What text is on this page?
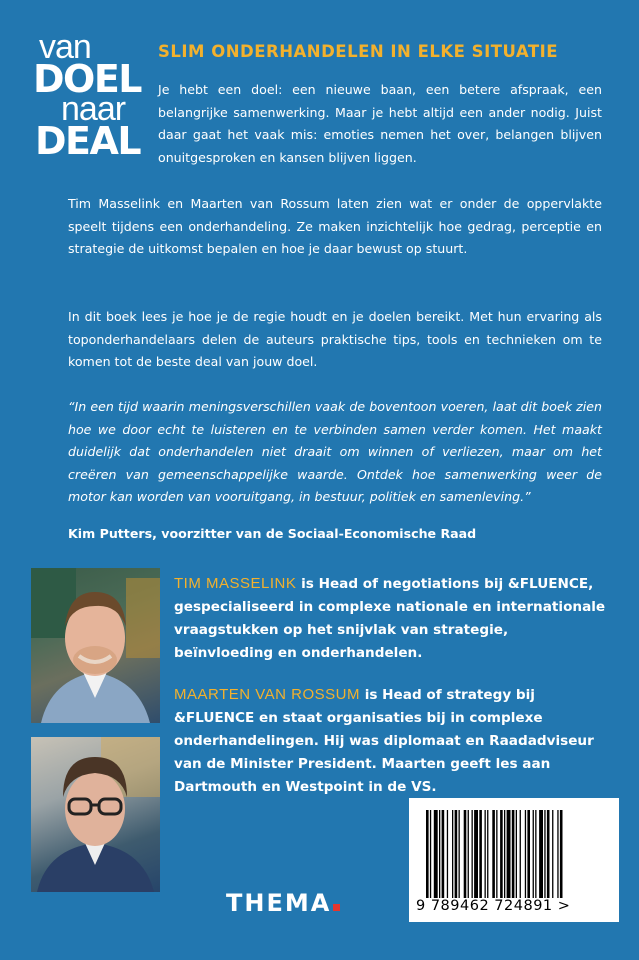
van
DOEL
naar
DEAL
SLIM ONDERHANDELEN IN ELKE SITUATIE

Je hebt een doel: een nieuwe baan, een betere afspraak, een belangrijke samenwerking. Maar je hebt altijd een ander nodig. Juist daar gaat het vaak mis: emoties nemen het over, belangen blijven onuitgesproken en kansen blijven liggen.

Tim Masselink en Maarten van Rossum laten zien wat er onder de oppervlakte speelt tijdens een onderhandeling. Ze maken inzichtelijk hoe gedrag, perceptie en strategie de uitkomst bepalen en hoe je daar bewust op stuurt.

In dit boek lees je hoe je de regie houdt en je doelen bereikt. Met hun ervaring als toponderhandelaars delen de auteurs praktische tips, tools en technieken om te komen tot de beste deal van jouw doel.

“In een tijd waarin meningsverschillen vaak de boventoon voeren, laat dit boek zien hoe we door echt te luisteren en te verbinden samen verder komen. Het maakt duidelijk dat onderhandelen niet draait om winnen of verliezen, maar om het creëren van gemeenschappelijke waarde. Ontdek hoe samenwerking weer de motor kan worden van vooruitgang, in bestuur, politiek en samenleving.”

Kim Putters, voorzitter van de Sociaal-Economische Raad

TIM MASSELINK is Head of negotiations bij &FLUENCE, gespecialiseerd in complexe nationale en internationale vraagstukken op het snijvlak van strategie, beïnvloeding en onderhandelen.

MAARTEN VAN ROSSUM is Head of strategy bij &FLUENCE en staat organisaties bij in complexe onderhandelingen. Hij was diplomaat en Raadadviseur van de Minister President. Maarten geeft les aan Dartmouth en Westpoint in de VS.

THEMA	9 789462 724891 >
